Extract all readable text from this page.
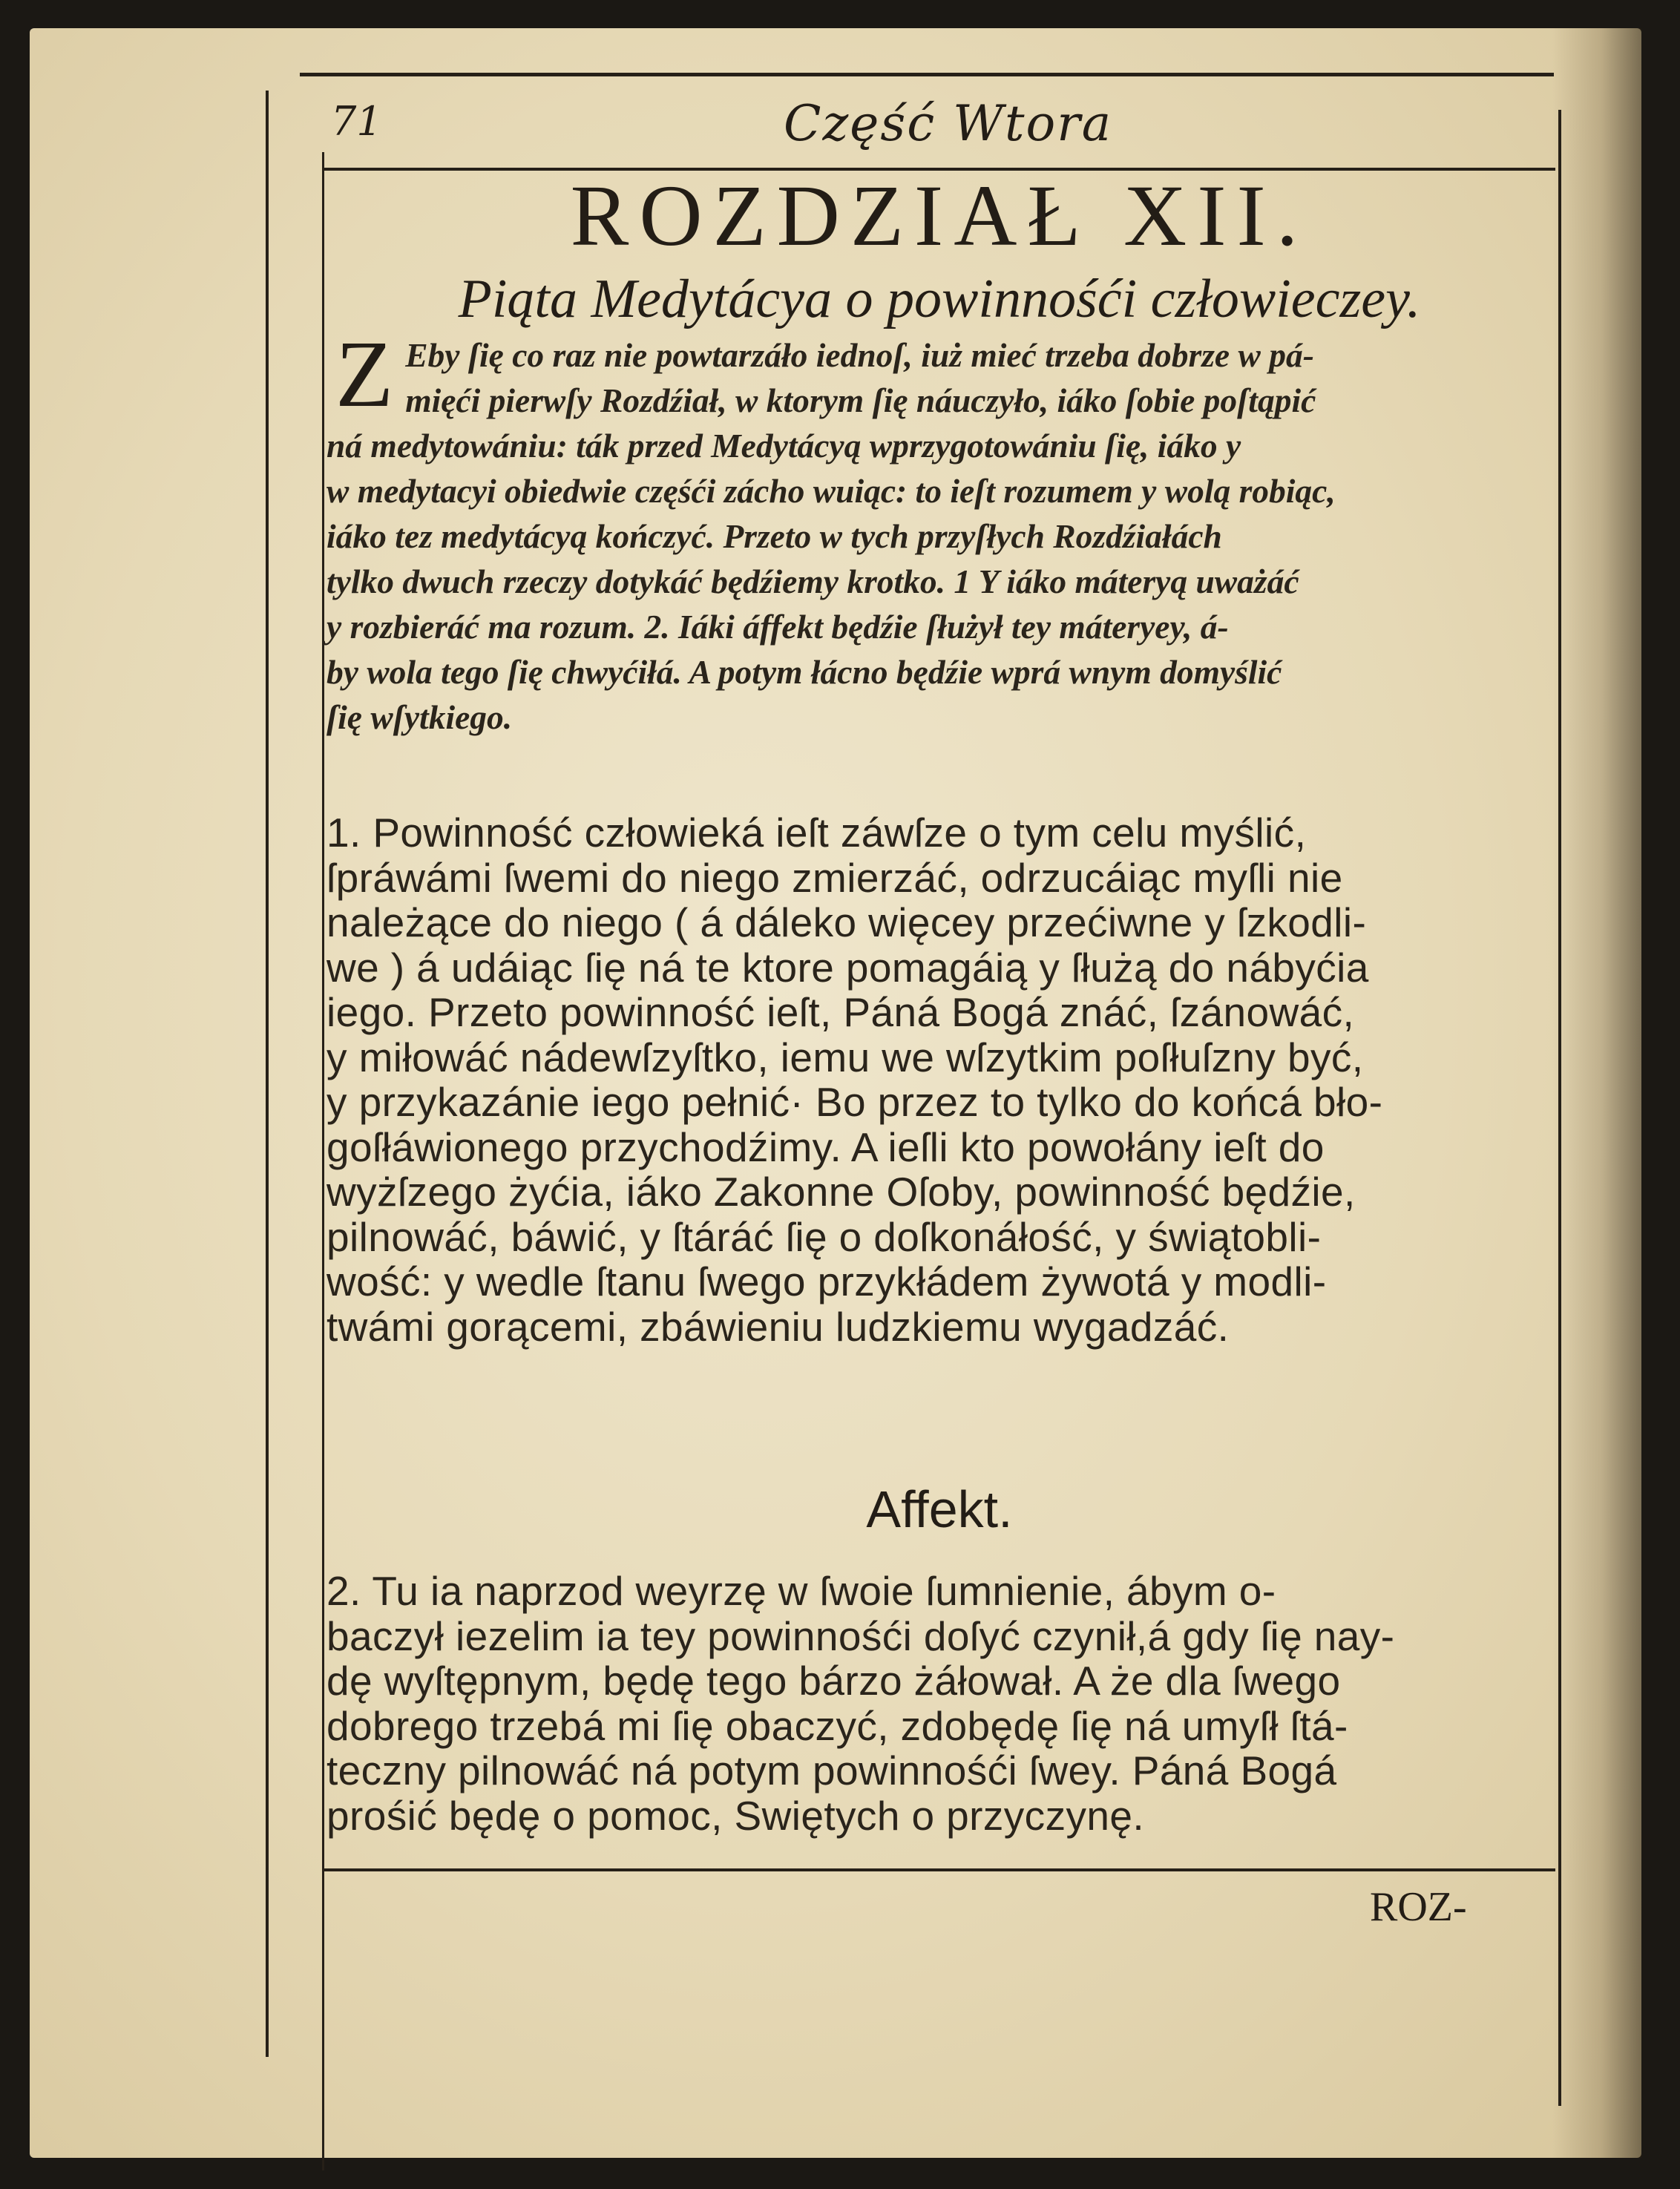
71	Część Wtora
ROZDZIAŁ XII.
Piąta Medytácya o powinnośći człowieczey.
Z Eby ſię co raz nie powtarzáło iednoſ, iuż mieć trzeba dobrze w pá-
mięći pierwſy Rozdźiał, w ktorym ſię náuczyło, iáko ſobie poſtąpić
ná medytowániu: ták przed Medytácyą wprzygotowániu ſię, iáko y
w medytacyi obiedwie częśći zácho wuiąc: to ieſt rozumem y wolą robiąc,
iáko tez medytácyą kończyć. Przeto w tych przyſłych Rozdźiałách
tylko dwuch rzeczy dotykáć będźiemy krotko. 1 Y iáko máteryą uważáć
y rozbieráć ma rozum. 2. Iáki áffekt będźie ſłużył tey máteryey, á-
by wola tego ſię chwyćiłá. A potym łácno będźie wprá wnym domyślić
ſię wſytkiego.
1. Powinność człowieká ieſt záwſze o tym celu myślić,
ſpráwámi ſwemi do niego zmierzáć, odrzucáiąc myſli nie
należące do niego ( á dáleko więcey przećiwne y ſzkodli-
we ) á udáiąc ſię ná te ktore pomagáią y ſłużą do nábyćia
iego. Przeto powinność ieſt, Páná Bogá znáć, ſzánowáć,
y miłowáć nádewſzyſtko, iemu we wſzytkim poſłuſzny być,
y przykazánie iego pełnić· Bo przez to tylko do końcá bło-
goſłáwionego przychodźimy. A ieſli kto powołány ieſt do
wyżſzego żyćia, iáko Zakonne Oſoby, powinność będźie,
pilnowáć, báwić, y ſtáráć ſię o doſkonáłość, y świątobli-
wość: y wedle ſtanu ſwego przykłádem żywotá y modli-
twámi gorącemi, zbáwieniu ludzkiemu wygadzáć.
Affekt.
2. Tu ia naprzod weyrzę w ſwoie ſumnienie, ábym o-
baczył iezelim ia tey powinnośći doſyć czynił,á gdy ſię nay-
dę wyſtępnym, będę tego bárzo żáłował. A że dla ſwego
dobrego trzebá mi ſię obaczyć, zdobędę ſię ná umyſł ſtá-
teczny pilnowáć ná potym powinnośći ſwey. Páná Bogá
prośić będę o pomoc, Swiętych o przyczynę.
ROZ-
